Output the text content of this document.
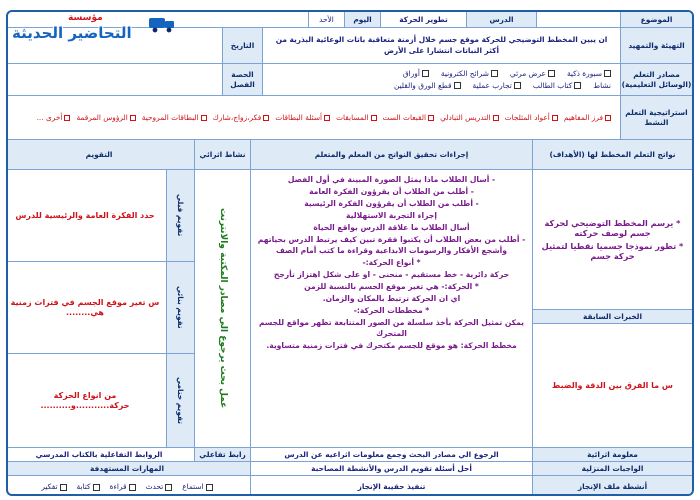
الموضوع
الدرس
تطوير الحركة
اليوم
الأحد
التهيئة والتمهيد
ان يبين المخطط التوضيحي للحركة موقع جسم خلال أزمنة متعاقبة باتات الوعائية البذرية من أكثر النباتات انتشارا على الأرض
التاريخ
مصادر التعلم (الوسائل التعليمية)
سبورة ذكية
عرض مرئي
شرائح الكترونية
أوراق
نشاط
كتاب الطالب
تجارب عملية
قطع الورق والقلين
الحصة
الفصل
استراتيجية التعلم النشط
فرز المفاهيم
أعواد المثلجات
التدريس التبادلي
القبعات الست
المسابقات
أسئلة البطاقات
فكر،زواج،شارك
البطاقات المروحية
الرؤوس المرقمة
أخرى ...
نواتج التعلم المخطط لها (الأهداف)
إجراءات تحقيق النواتج من المعلم والمتعلم
نشاط اثرائي
التقويم
* يرسم المخطط التوضيحي لحركة جسم لوصف حركته
* تطور نموذجا جسميا نقطيا لتمثيل حركة جسم
الخبرات السابقة
س ما الفرق بين الدقة والضبط
- أسال الطلاب ماذا يمثل الصورة المبينة في أول الفصل
- أطلب من الطلاب أن يقرؤون الفكرة العامة
- أطلب من الطلاب أن يقرؤون الفكرة الرئيسية
إجراء التجربة الاستهلالية
أسال الطلاب ما علاقة الدرس بواقع الحياة
- أطلب من بعض الطلاب أن يكتبوا فقرة تبين كيف يرتبط الدرس بحياتهم وأشجع الأفكار والرسومات الابداعية وقراءة ما كتب أمام الصف
* أنواع الحركة:-
حركة دائرية - خط مستقيم - منحنى - او على شكل اهتزاز تأرجح
* الحركة:- هي تغير موقع الجسم بالنسبة للزمن
اي ان الحركة ترتبط بالمكان والزمان.
* مخططات الحركة:-
يمكن تمثيل الحركة بأخذ سلسلة من الصور المتتابعة تظهر مواقع للجسم المتحرك
مخطط الحركة: هو موقع للجسم مكتحرك في فترات زمنية متساوية.
عمل بحث يرجوع الي مصادر المكتبة والانترنت
تقويم قبلي
حدد الفكرة العامة والرئيسية للدرس
تقويم بنائي
س تغير موقع الجسم في فترات زمنية هي........
تقويم ختامي
من انواع الحركة حركة...........و..........
معلومة اثرائية
الرجوع الي مصادر البحث وجمع معلومات اثراعيه عن الدرس
رابط تفاعلي
الروابط التفاعلية بالكتاب المدرسي
الواجبات المنزلية
أحل أسئلة تقويم الدرس والأنشطة المصاحبة
المهارات المستهدفة
أنشطة ملف الإنجاز
تنفيذ حقيبة الإنجاز
استماع
تحدث
قراءة
كتابة
تفكير
مؤسسة
التحاضير الحديثة
